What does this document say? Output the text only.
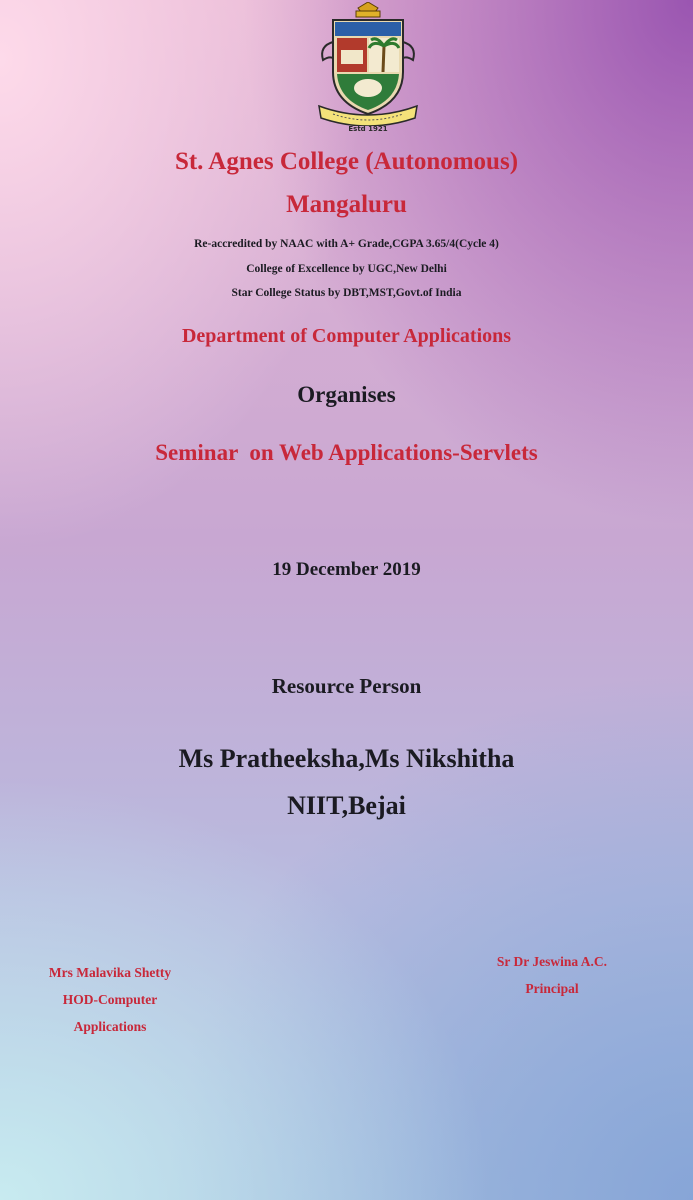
Estd 1921
St. Agnes College (Autonomous)
Mangaluru
Re-accredited by NAAC with A+ Grade,CGPA 3.65/4(Cycle 4)
College of Excellence by UGC,New Delhi
Star College Status by DBT,MST,Govt.of India
Department of Computer Applications
Organises
Seminar  on Web Applications-Servlets
19 December 2019
Resource Person
Ms Pratheeksha,Ms Nikshitha
NIIT,Bejai
Mrs Malavika Shetty
HOD-Computer
Applications
Sr Dr Jeswina A.C.
Principal
